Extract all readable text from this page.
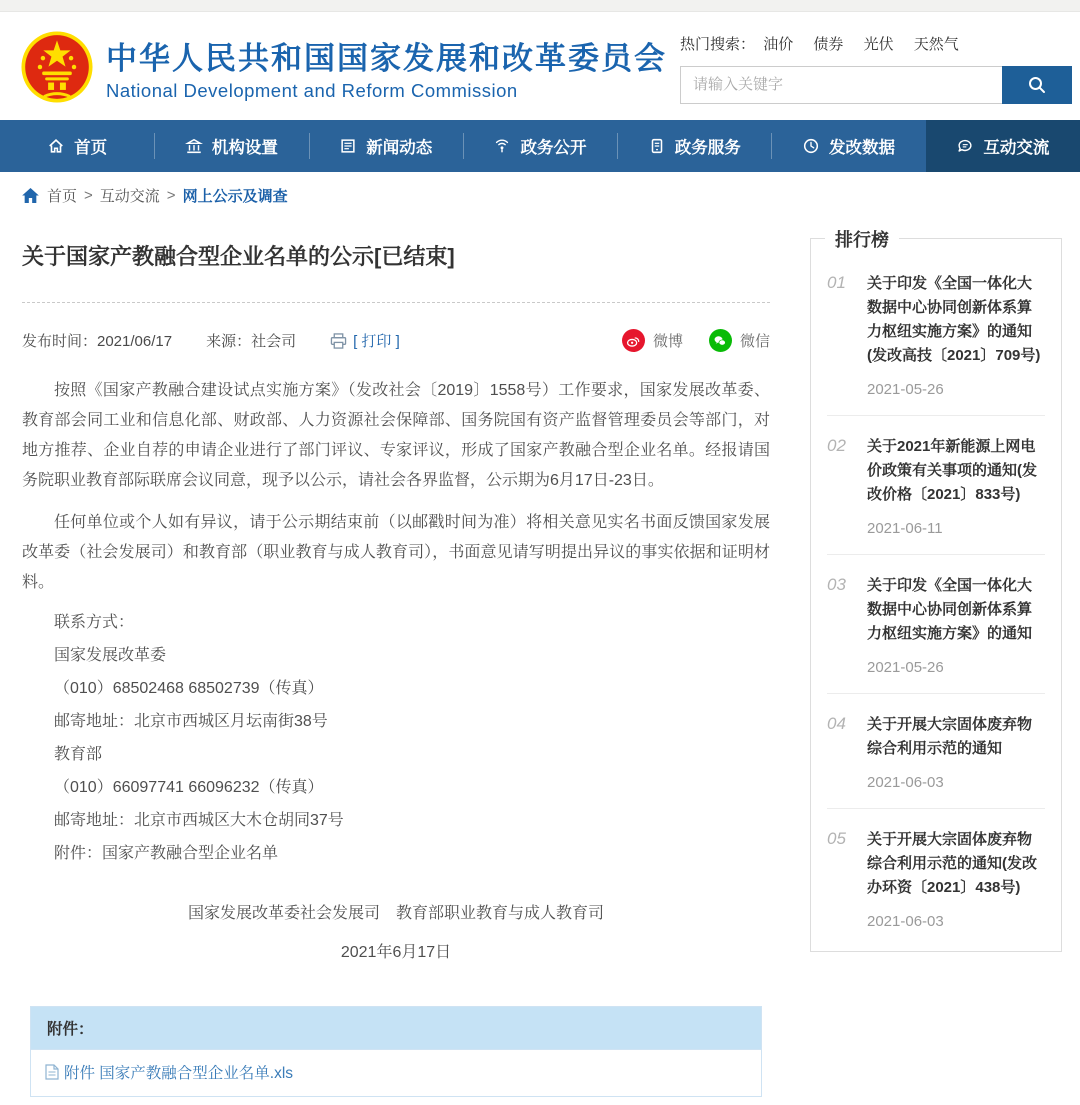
中华人民共和国国家发展和改革委员会
National Development and Reform Commission
热门搜索： 油价 债券 光伏 天然气
请输入关键字
首页	机构设置	新闻动态	政务公开	政务服务	发改数据	互动交流
首页 > 互动交流 > 网上公示及调查
关于国家产教融合型企业名单的公示[已结束]
发布时间：2021/06/17 来源：社会司	[ 打印 ]	微博	微信

按照《国家产教融合建设试点实施方案》（发改社会〔2019〕1558号）工作要求，国家发展改革委、教育部会同工业和信息化部、财政部、人力资源社会保障部、国务院国有资产监督管理委员会等部门，对地方推荐、企业自荐的申请企业进行了部门评议、专家评议，形成了国家产教融合型企业名单。经报请国务院职业教育部际联席会议同意，现予以公示，请社会各界监督，公示期为6月17日-23日。

任何单位或个人如有异议，请于公示期结束前（以邮戳时间为准）将相关意见实名书面反馈国家发展改革委（社会发展司）和教育部（职业教育与成人教育司），书面意见请写明提出异议的事实依据和证明材料。

联系方式：
国家发展改革委
（010）68502468 68502739（传真）
邮寄地址：北京市西城区月坛南街38号
教育部
（010）66097741 66096232（传真）
邮寄地址：北京市西城区大木仓胡同37号
附件：国家产教融合型企业名单
国家发展改革委社会发展司　教育部职业教育与成人教育司
2021年6月17日
附件：
附件 国家产教融合型企业名单.xls
排行榜
01	关于印发《全国一体化大数据中心协同创新体系算力枢纽实施方案》的通知(发改高技〔2021〕709号)
2021-05-26
02	关于2021年新能源上网电价政策有关事项的通知(发改价格〔2021〕833号)
2021-06-11
03	关于印发《全国一体化大数据中心协同创新体系算力枢纽实施方案》的通知
2021-05-26
04	关于开展大宗固体废弃物综合利用示范的通知
2021-06-03
05	关于开展大宗固体废弃物综合利用示范的通知(发改办环资〔2021〕438号)
2021-06-03
